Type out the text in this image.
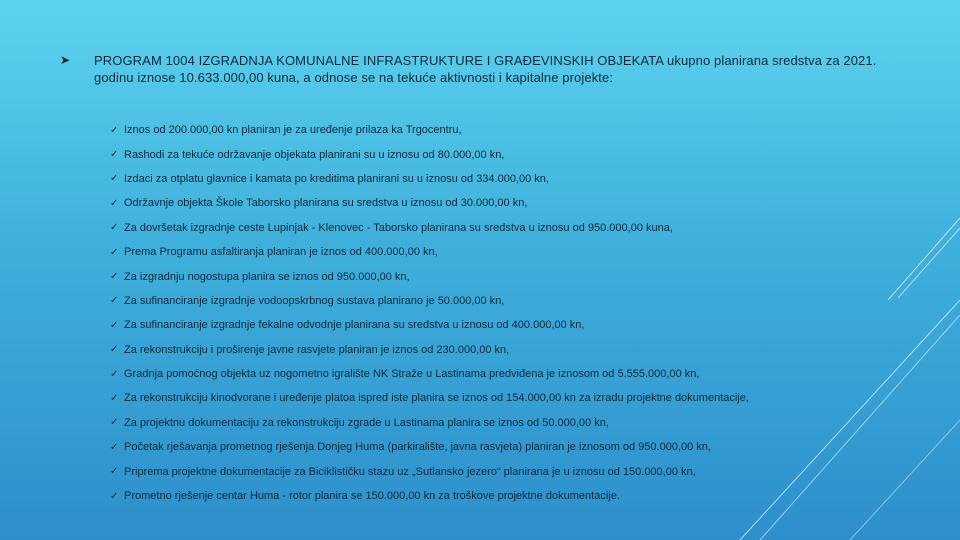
➤	PROGRAM 1004 IZGRADNJA KOMUNALNE INFRASTRUKTURE I GRAĐEVINSKIH OBJEKATA ukupno planirana sredstva za 2021. godinu iznose 10.633.000,00 kuna, a odnose se na tekuće aktivnosti i kapitalne projekte:
✓ Iznos od 200.000,00 kn planiran je za uređenje prilaza ka Trgocentru,
✓ Rashodi za tekuće održavanje objekata planirani su u iznosu od 80.000,00 kn,
✓ Izdaci za otplatu glavnice i kamata po kreditima planirani su u iznosu od 334.000,00 kn,
✓ Održavnje objekta Škole Taborsko planirana su sredstva u iznosu od 30.000,00 kn,
✓ Za dovršetak izgradnje ceste Lupinjak - Klenovec - Taborsko planirana su sredstva u iznosu od 950.000,00 kuna,
✓ Prema Programu asfaltiranja planiran je iznos od 400.000,00 kn,
✓ Za izgradnju nogostupa planira se iznos od 950.000,00 kn,
✓ Za sufinanciranje izgradnje vodoopskrbnog sustava planirano je 50.000,00 kn,
✓ Za sufinanciranje izgradnje fekalne odvodnje planirana su sredstva u iznosu od 400.000,00 kn,
✓ Za rekonstrukciju i proširenje javne rasvjete planiran je iznos od 230.000,00 kn,
✓ Gradnja pomoćnog objekta uz nogometno igralište NK Straže u Lastinama predviđena je iznosom od 5.555.000,00 kn,
✓ Za rekonstrukciju kinodvorane i uređenje platoa ispred iste planira se iznos od 154.000,00 kn za izradu projektne dokumentacije,
✓ Za projektnu dokumentaciju za rekonstrukciju zgrade u Lastinama planira se iznos od 50.000,00 kn,
✓ Početak rješavanja prometnog rješenja Donjeg Huma (parkiralište, javna rasvjeta) planiran je iznosom od 950.000,00 kn,
✓ Priprema projektne dokumentacije za Biciklističku stazu uz „Sutlansko jezero“ planirana je u iznosu od 150.000,00 kn,
✓ Prometno rješenje centar Huma - rotor planira se 150.000,00 kn za troškove projektne dokumentacije.
